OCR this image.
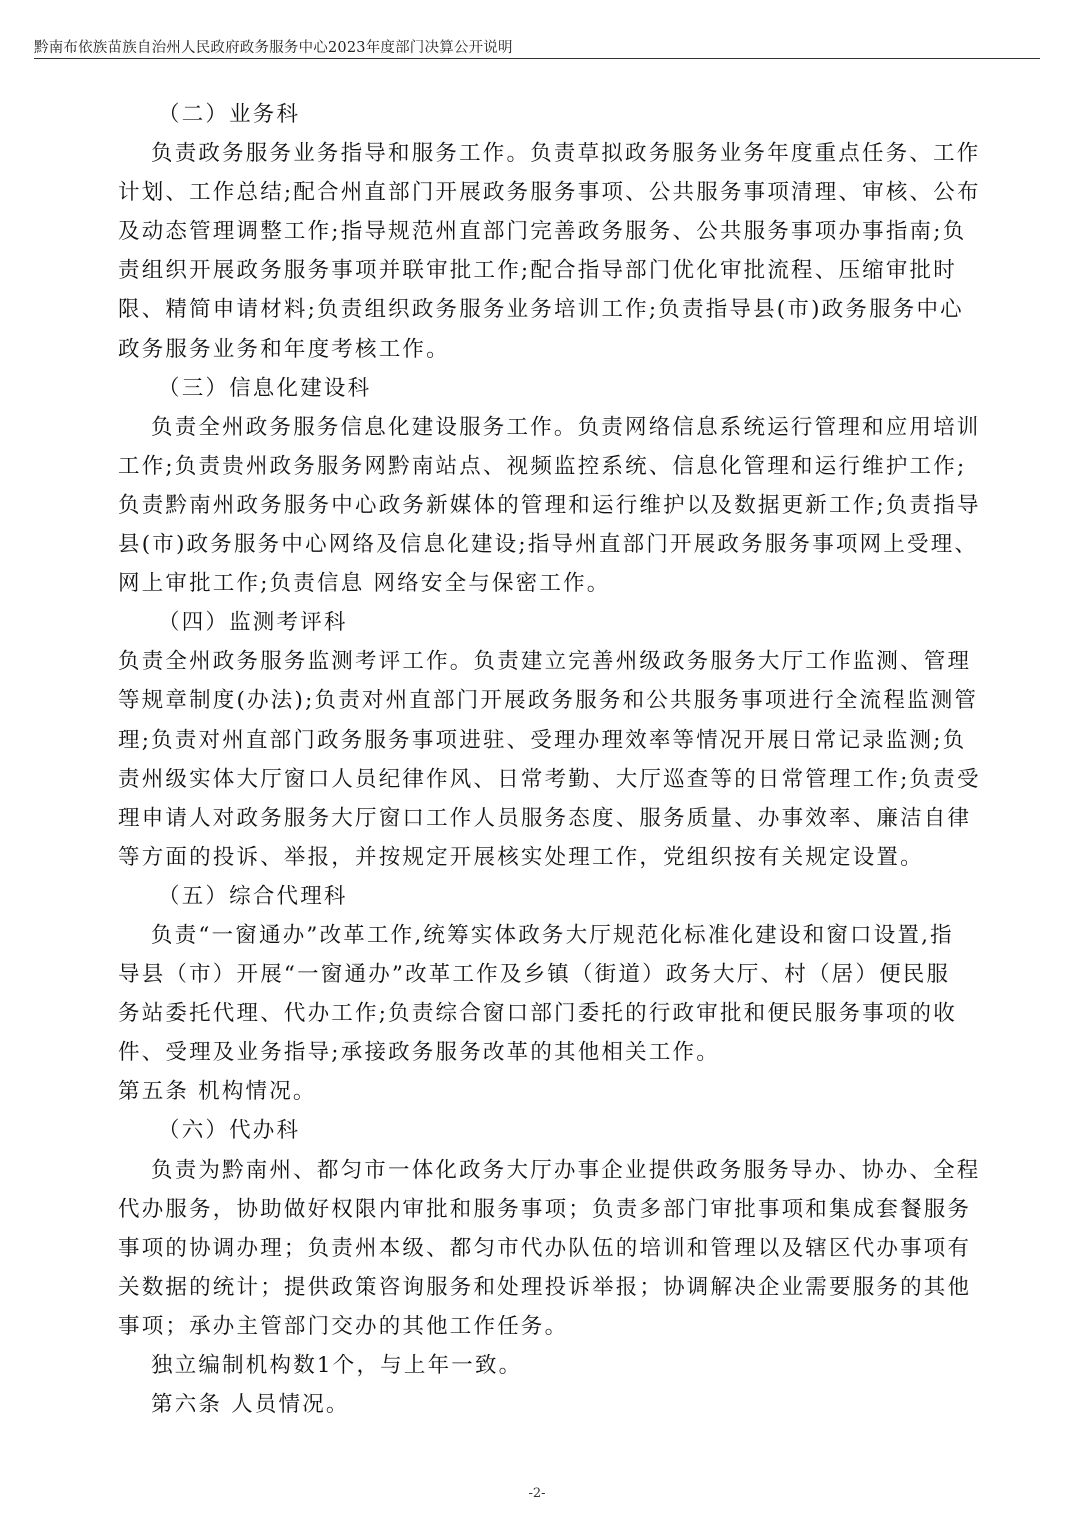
黔南布依族苗族自治州人民政府政务服务中心2023年度部门决算公开说明
（二）业务科
负责政务服务业务指导和服务工作。负责草拟政务服务业务年度重点任务、工作
计划、工作总结;配合州直部门开展政务服务事项、公共服务事项清理、审核、公布
及动态管理调整工作;指导规范州直部门完善政务服务、公共服务事项办事指南;负
责组织开展政务服务事项并联审批工作;配合指导部门优化审批流程、压缩审批时
限、精简申请材料;负责组织政务服务业务培训工作;负责指导县(市)政务服务中心
政务服务业务和年度考核工作。
（三）信息化建设科
负责全州政务服务信息化建设服务工作。负责网络信息系统运行管理和应用培训
工作;负责贵州政务服务网黔南站点、视频监控系统、信息化管理和运行维护工作;
负责黔南州政务服务中心政务新媒体的管理和运行维护以及数据更新工作;负责指导
县(市)政务服务中心网络及信息化建设;指导州直部门开展政务服务事项网上受理、
网上审批工作;负责信息 网络安全与保密工作。
（四）监测考评科
负责全州政务服务监测考评工作。负责建立完善州级政务服务大厅工作监测、管理
等规章制度(办法);负责对州直部门开展政务服务和公共服务事项进行全流程监测管
理;负责对州直部门政务服务事项进驻、受理办理效率等情况开展日常记录监测;负
责州级实体大厅窗口人员纪律作风、日常考勤、大厅巡查等的日常管理工作;负责受
理申请人对政务服务大厅窗口工作人员服务态度、服务质量、办事效率、廉洁自律
等方面的投诉、举报，并按规定开展核实处理工作，党组织按有关规定设置。
（五）综合代理科
负责“一窗通办”改革工作,统筹实体政务大厅规范化标准化建设和窗口设置,指
导县（市）开展“一窗通办”改革工作及乡镇（街道）政务大厅、村（居）便民服
务站委托代理、代办工作;负责综合窗口部门委托的行政审批和便民服务事项的收
件、受理及业务指导;承接政务服务改革的其他相关工作。
第五条 机构情况。
（六）代办科
负责为黔南州、都匀市一体化政务大厅办事企业提供政务服务导办、协办、全程
代办服务，协助做好权限内审批和服务事项；负责多部门审批事项和集成套餐服务
事项的协调办理；负责州本级、都匀市代办队伍的培训和管理以及辖区代办事项有
关数据的统计；提供政策咨询服务和处理投诉举报；协调解决企业需要服务的其他
事项；承办主管部门交办的其他工作任务。
独立编制机构数1个，与上年一致。
第六条 人员情况。
-2-
